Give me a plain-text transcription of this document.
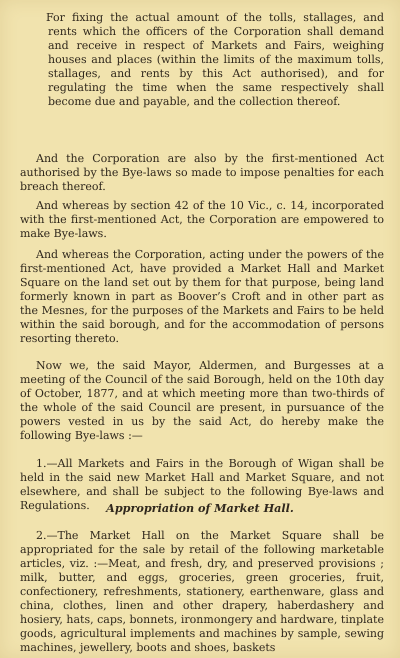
For fixing the actual amount of the tolls, stallages, and rents which the officers of the Corporation shall demand and receive in respect of Markets and Fairs, weighing houses and places (within the limits of the maximum tolls, stallages, and rents by this Act authorised), and for regulating the time when the same respectively shall become due and payable, and the collection thereof.

And the Corporation are also by the first-mentioned Act authorised by the Bye-laws so made to impose penalties for each breach thereof.

And whereas by section 42 of the 10 Vic., c. 14, incorporated with the first-mentioned Act, the Corporation are empowered to make Bye-laws.

And whereas the Corporation, acting under the powers of the first-mentioned Act, have provided a Market Hall and Market Square on the land set out by them for that purpose, being land formerly known in part as Boover’s Croft and in other part as the Mesnes, for the purposes of the Markets and Fairs to be held within the said borough, and for the accommodation of persons resorting thereto.

Now we, the said Mayor, Aldermen, and Burgesses at a meeting of the Council of the said Borough, held on the 10th day of October, 1877, and at which meeting more than two-thirds of the whole of the said Council are present, in pursuance of the powers vested in us by the said Act, do hereby make the following Bye-laws :—

1.—All Markets and Fairs in the Borough of Wigan shall be held in the said new Market Hall and Market Square, and not elsewhere, and shall be subject to the following Bye-laws and Regulations.	Appropriation of Market Hall.

2.—The Market Hall on the Market Square shall be appropriated for the sale by retail of the following marketable articles, viz. :—Meat, and fresh, dry, and preserved provisions ; milk, butter, and eggs, groceries, green groceries, fruit, confectionery, refreshments, stationery, earthenware, glass and china, clothes, linen and other drapery, haberdashery and hosiery, hats, caps, bonnets, ironmongery and hardware, tinplate goods, agricultural implements and machines by sample, sewing machines, jewellery, boots and shoes, baskets
